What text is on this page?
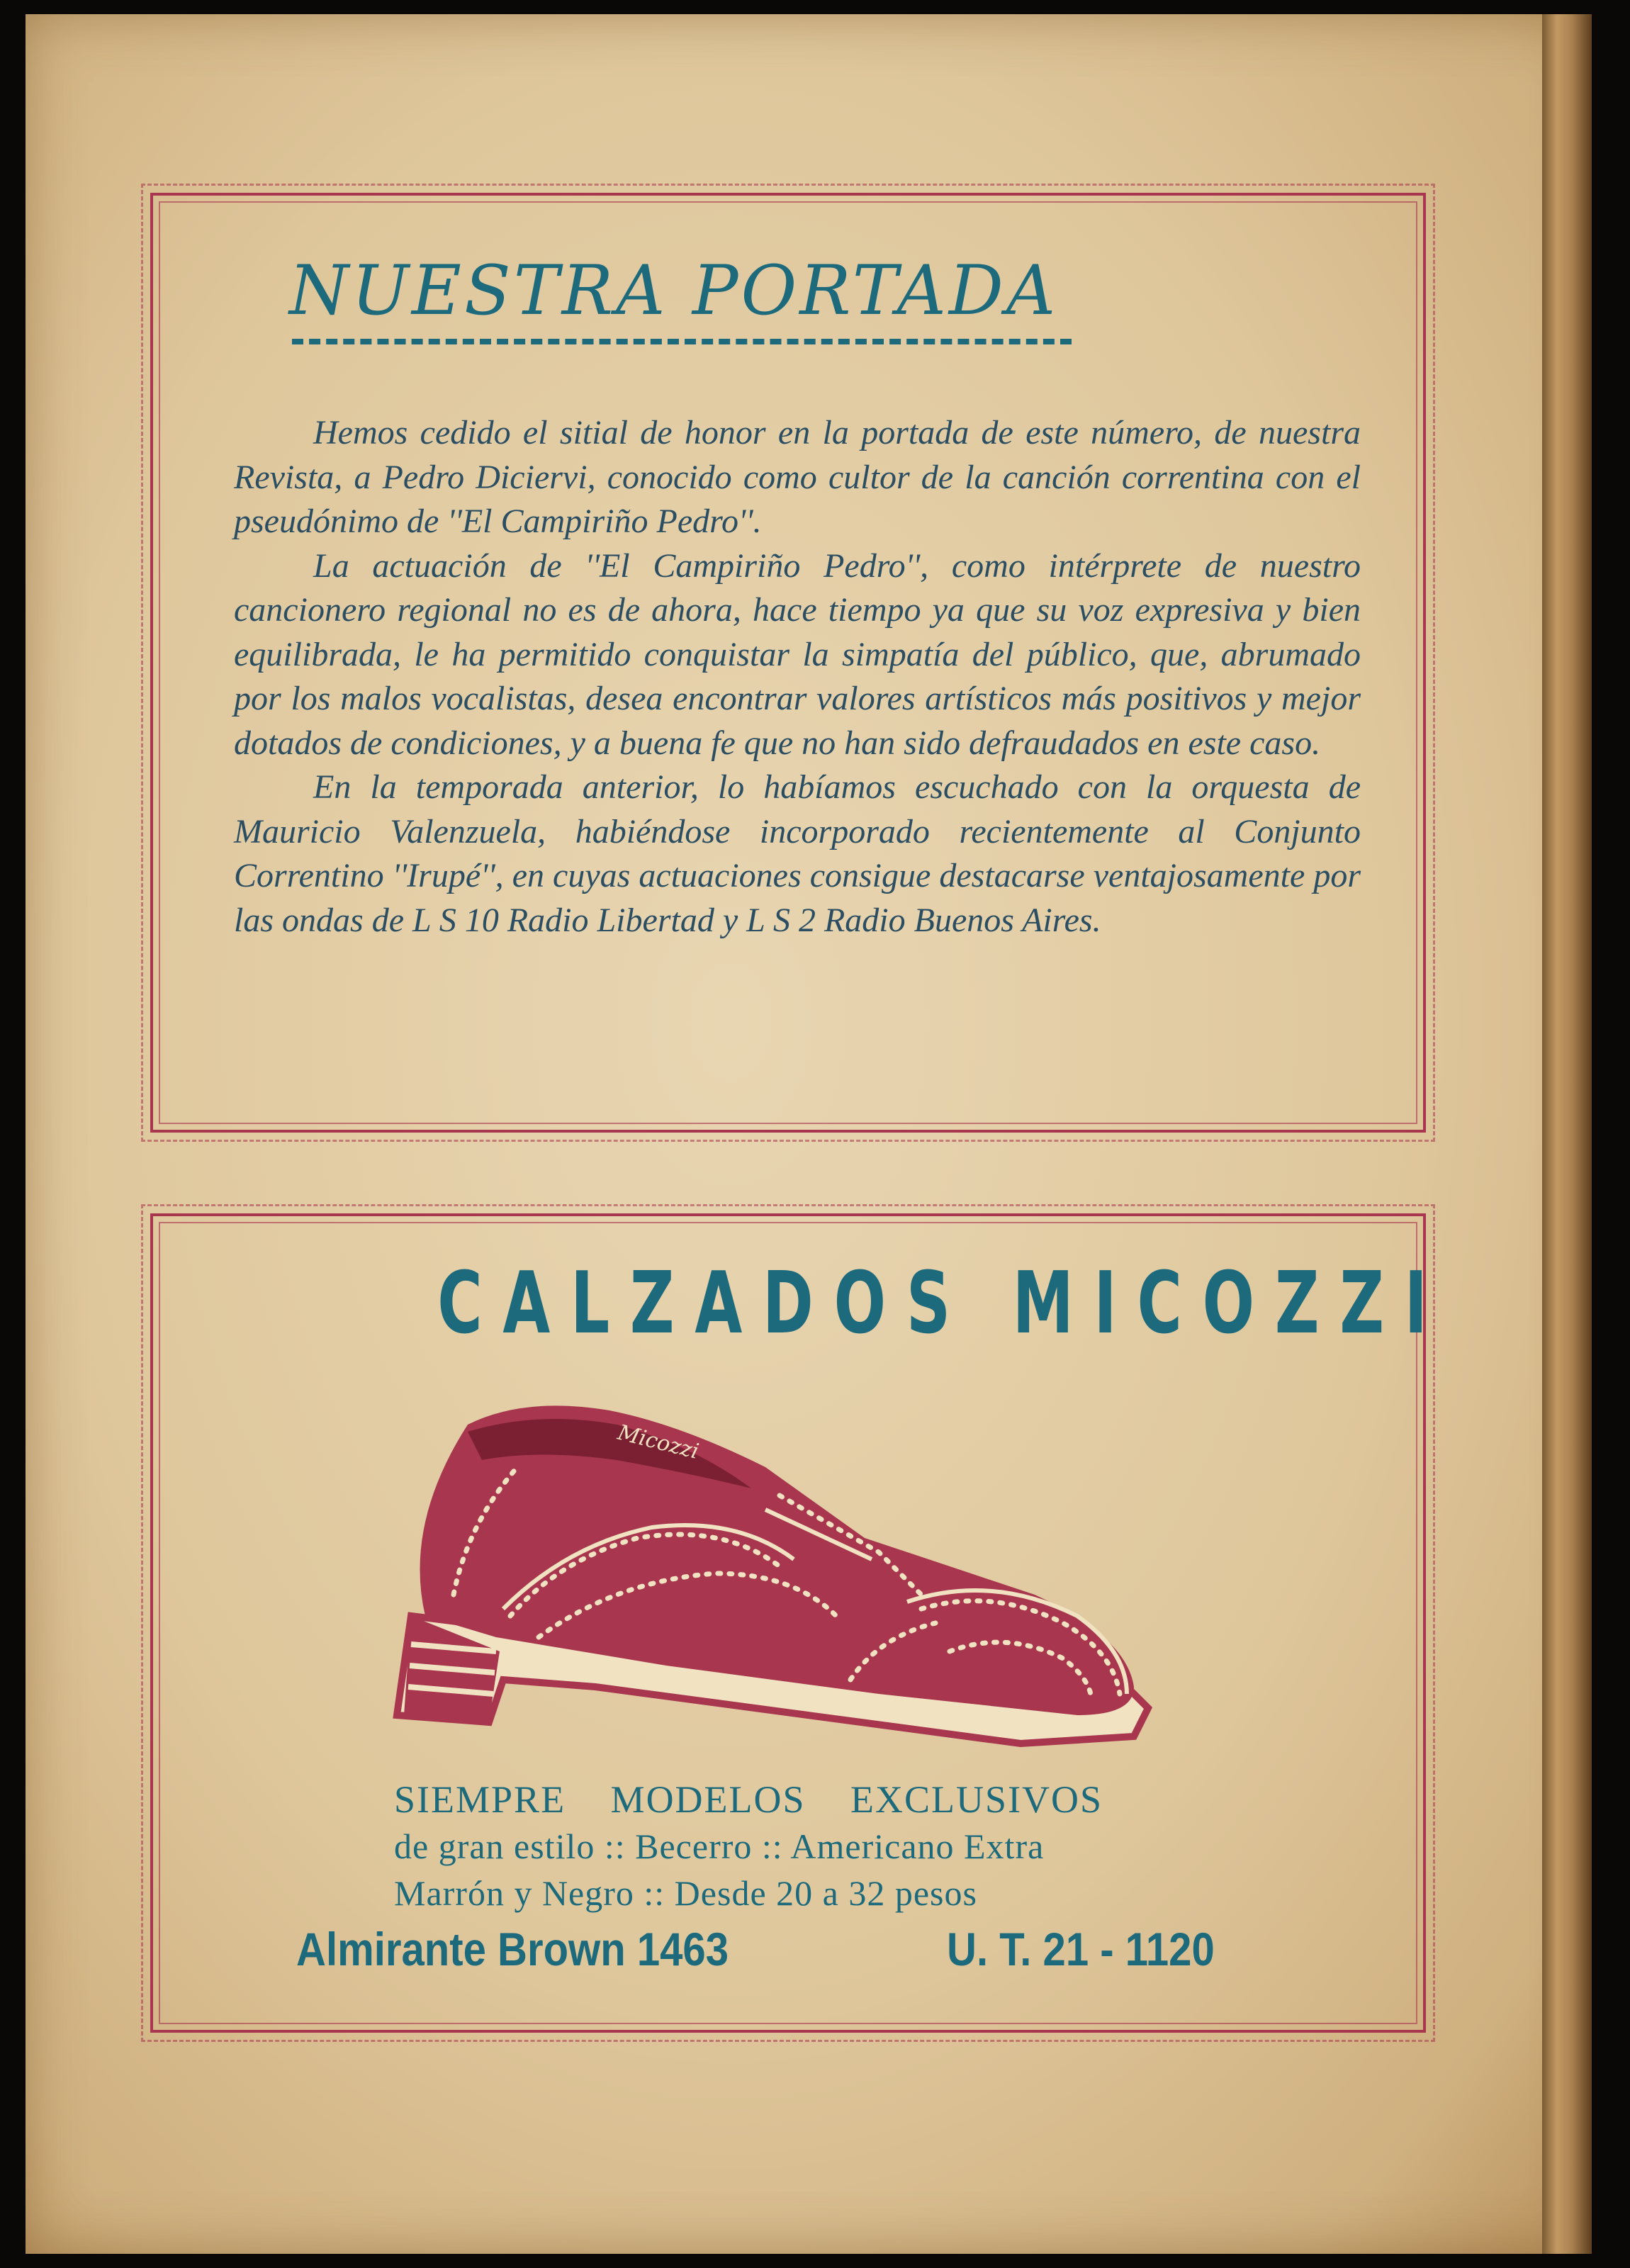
NUESTRA PORTADA

Hemos cedido el sitial de honor en la portada de este número, de nuestra Revista, a Pedro Diciervi, conocido como cultor de la canción correntina con el pseudónimo de ''El Campiriño Pedro''.

La actuación de ''El Campiriño Pedro'', como intérprete de nuestro cancionero regional no es de ahora, hace tiempo ya que su voz expresiva y bien equilibrada, le ha permitido conquistar la simpatía del público, que, abrumado por los malos vocalistas, desea encontrar valores artísticos más positivos y mejor dotados de condiciones, y a buena fe que no han sido defraudados en este caso.

En la temporada anterior, lo habíamos escuchado con la orquesta de Mauricio Valenzuela, habiéndose incorporado recientemente al Conjunto Correntino ''Irupé'', en cuyas actuaciones consigue destacarse ventajosamente por las ondas de L S 10 Radio Libertad y L S 2 Radio Buenos Aires.

CALZADOS MICOZZI
Micozzi
SIEMPRE MODELOS EXCLUSIVOS
de gran estilo :: Becerro :: Americano Extra
Marrón y Negro :: Desde 20 a 32 pesos
Almirante Brown 1463	U. T. 21 - 1120
